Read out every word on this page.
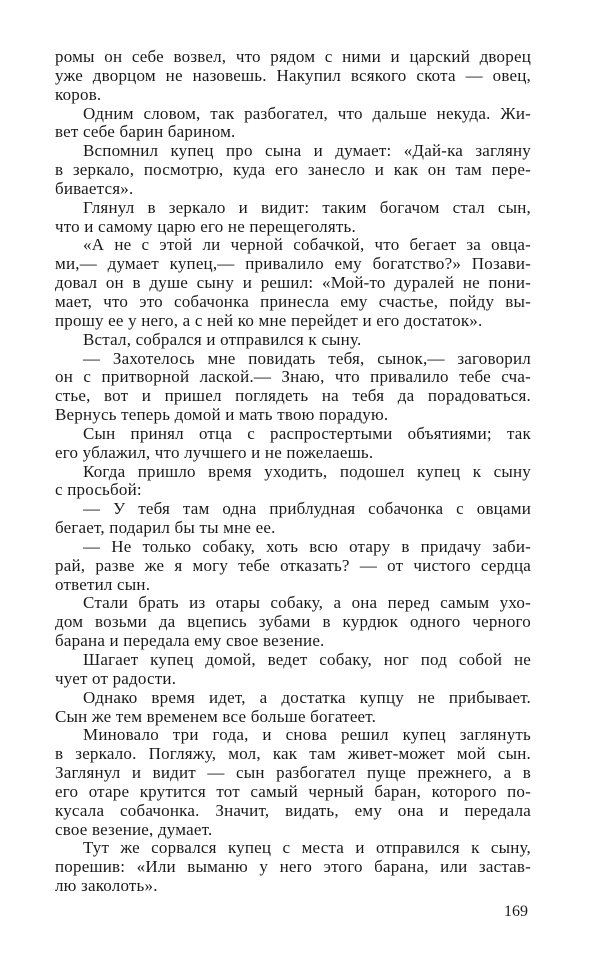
ромы он себе возвел, что рядом с ними и царский дворец
уже дворцом не назовешь. Накупил всякого скота — овец,
коров.
Одним словом, так разбогател, что дальше некуда. Жи-
вет себе барин барином.
Вспомнил купец про сына и думает: «Дай-ка загляну
в зеркало, посмотрю, куда его занесло и как он там пере-
бивается».
Глянул в зеркало и видит: таким богачом стал сын,
что и самому царю его не перещеголять.
«А не с этой ли черной собачкой, что бегает за овца-
ми,— думает купец,— привалило ему богатство?» Позави-
довал он в душе сыну и решил: «Мой-то дуралей не пони-
мает, что это собачонка принесла ему счастье, пойду вы-
прошу ее у него, а с ней ко мне перейдет и его достаток».
Встал, собрался и отправился к сыну.
— Захотелось мне повидать тебя, сынок,— заговорил
он с притворной лаской.— Знаю, что привалило тебе сча-
стье, вот и пришел поглядеть на тебя да порадоваться.
Вернусь теперь домой и мать твою порадую.
Сын принял отца с распростертыми объятиями; так
его ублажил, что лучшего и не пожелаешь.
Когда пришло время уходить, подошел купец к сыну
с просьбой:
— У тебя там одна приблудная собачонка с овцами
бегает, подарил бы ты мне ее.
— Не только собаку, хоть всю отару в придачу заби-
рай, разве же я могу тебе отказать? — от чистого сердца
ответил сын.
Стали брать из отары собаку, а она перед самым ухо-
дом возьми да вцепись зубами в курдюк одного черного
барана и передала ему свое везение.
Шагает купец домой, ведет собаку, ног под собой не
чует от радости.
Однако время идет, а достатка купцу не прибывает.
Сын же тем временем все больше богатеет.
Миновало три года, и снова решил купец заглянуть
в зеркало. Погляжу, мол, как там живет-может мой сын.
Заглянул и видит — сын разбогател пуще прежнего, а в
его отаре крутится тот самый черный баран, которого по-
кусала собачонка. Значит, видать, ему она и передала
свое везение, думает.
Тут же сорвался купец с места и отправился к сыну,
порешив: «Или выманю у него этого барана, или застав-
лю заколоть».
169
